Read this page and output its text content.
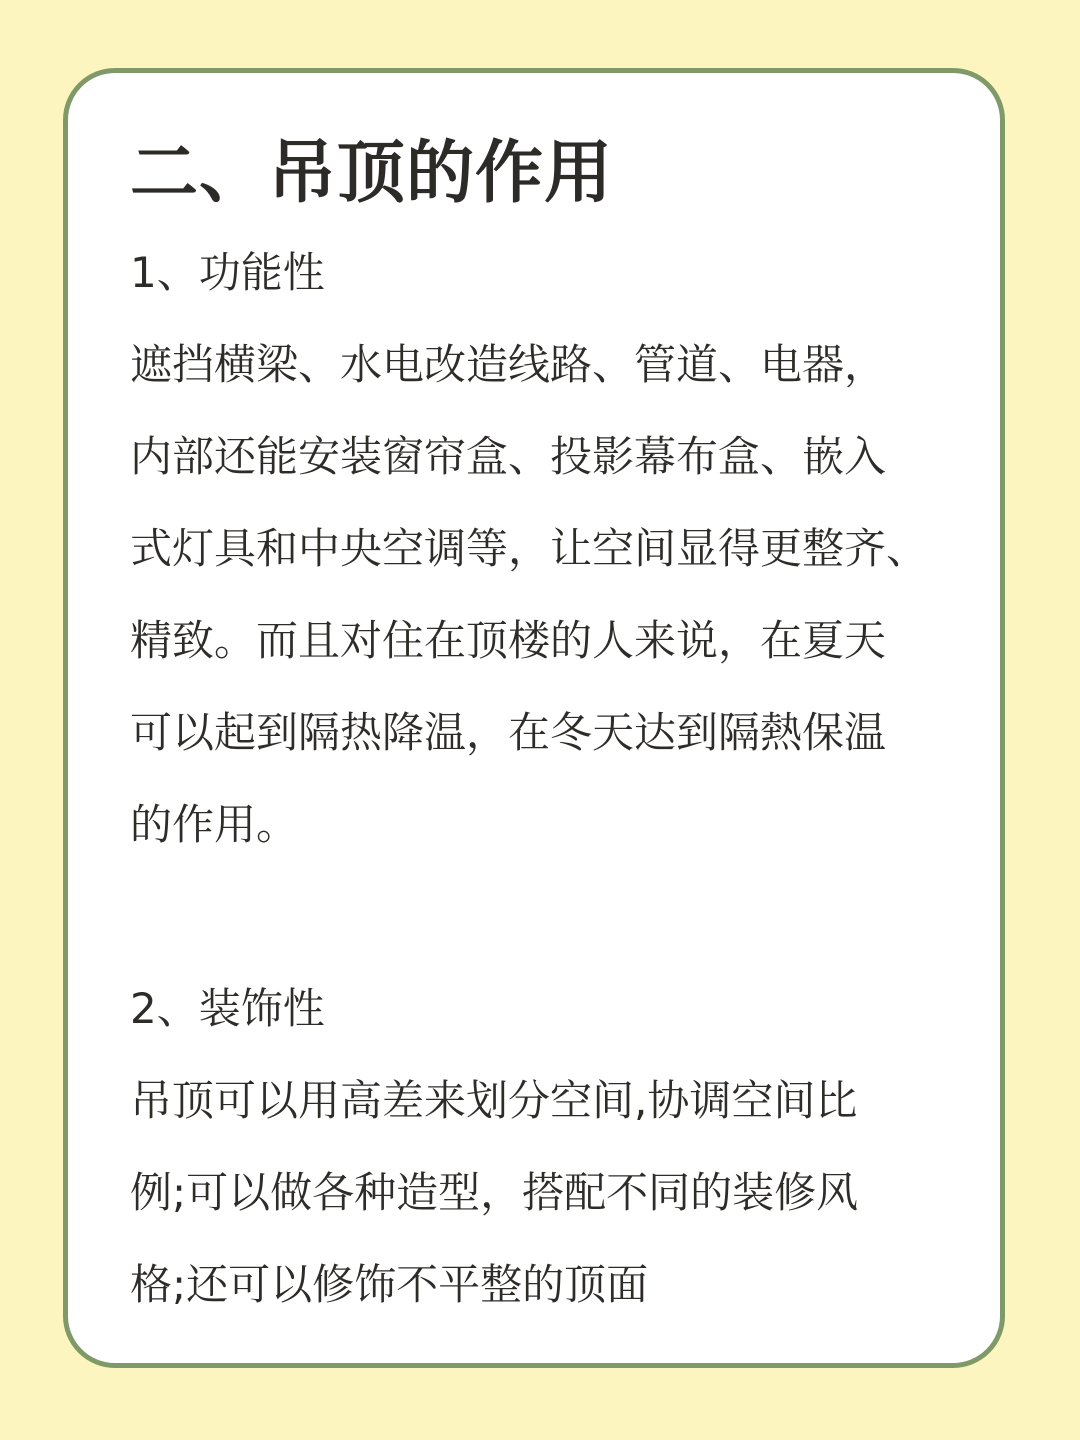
二、吊顶的作用

1、功能性

遮挡横梁、水电改造线路、管道、电器，

内部还能安装窗帘盒、投影幕布盒、嵌入

式灯具和中央空调等，让空间显得更整齐、

精致。而且对住在顶楼的人来说，在夏天

可以起到隔热降温，在冬天达到隔熱保温

的作用。

2、装饰性

吊顶可以用高差来划分空间,协调空间比

例;可以做各种造型，搭配不同的装修风

格;还可以修饰不平整的顶面
